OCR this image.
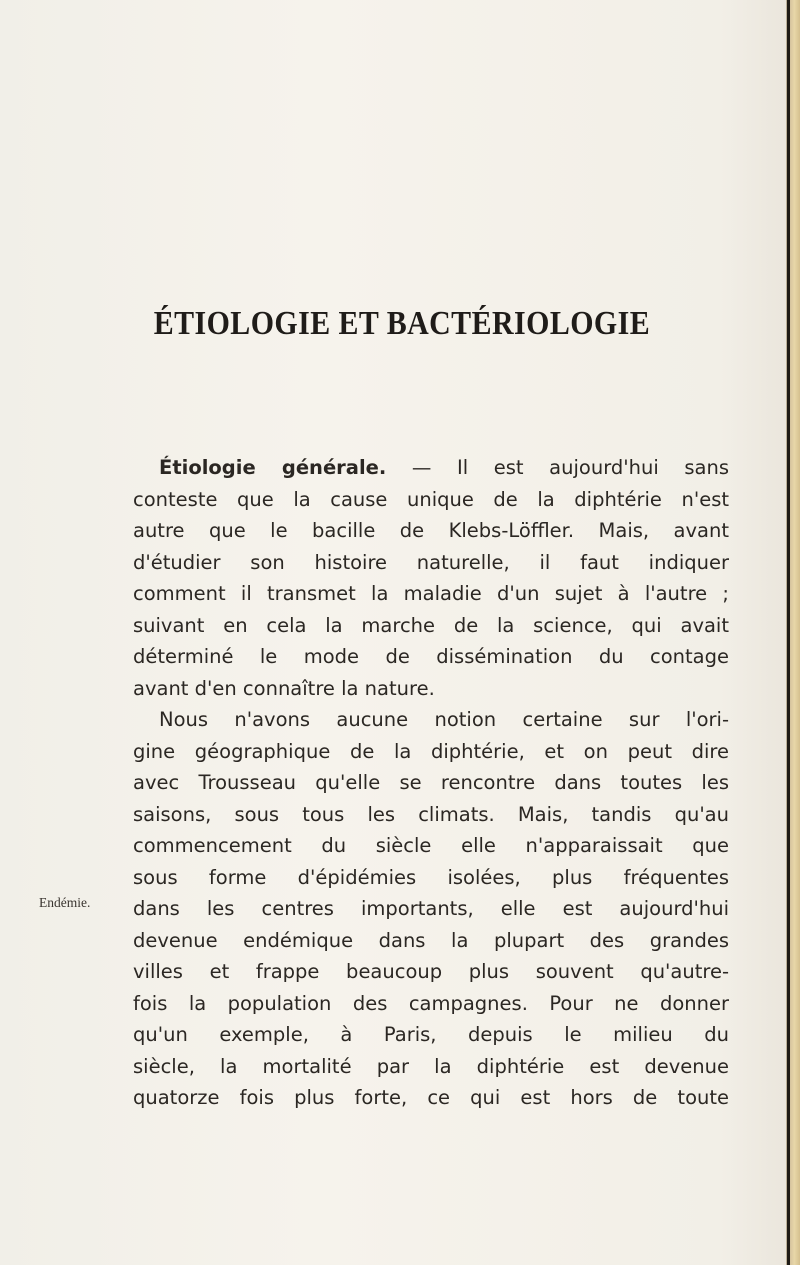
ÉTIOLOGIE ET BACTÉRIOLOGIE
Endémie.
Étiologie générale. — Il est aujourd'hui sans
conteste que la cause unique de la diphtérie n'est
autre que le bacille de Klebs-Löffler. Mais, avant
d'étudier son histoire naturelle, il faut indiquer
comment il transmet la maladie d'un sujet à l'autre ;
suivant en cela la marche de la science, qui avait
déterminé le mode de dissémination du contage
avant d'en connaître la nature.
Nous n'avons aucune notion certaine sur l'ori-
gine géographique de la diphtérie, et on peut dire
avec Trousseau qu'elle se rencontre dans toutes les
saisons, sous tous les climats. Mais, tandis qu'au
commencement du siècle elle n'apparaissait que
sous forme d'épidémies isolées, plus fréquentes
dans les centres importants, elle est aujourd'hui
devenue endémique dans la plupart des grandes
villes et frappe beaucoup plus souvent qu'autre-
fois la population des campagnes. Pour ne donner
qu'un exemple, à Paris, depuis le milieu du
siècle, la mortalité par la diphtérie est devenue
quatorze fois plus forte, ce qui est hors de toute
